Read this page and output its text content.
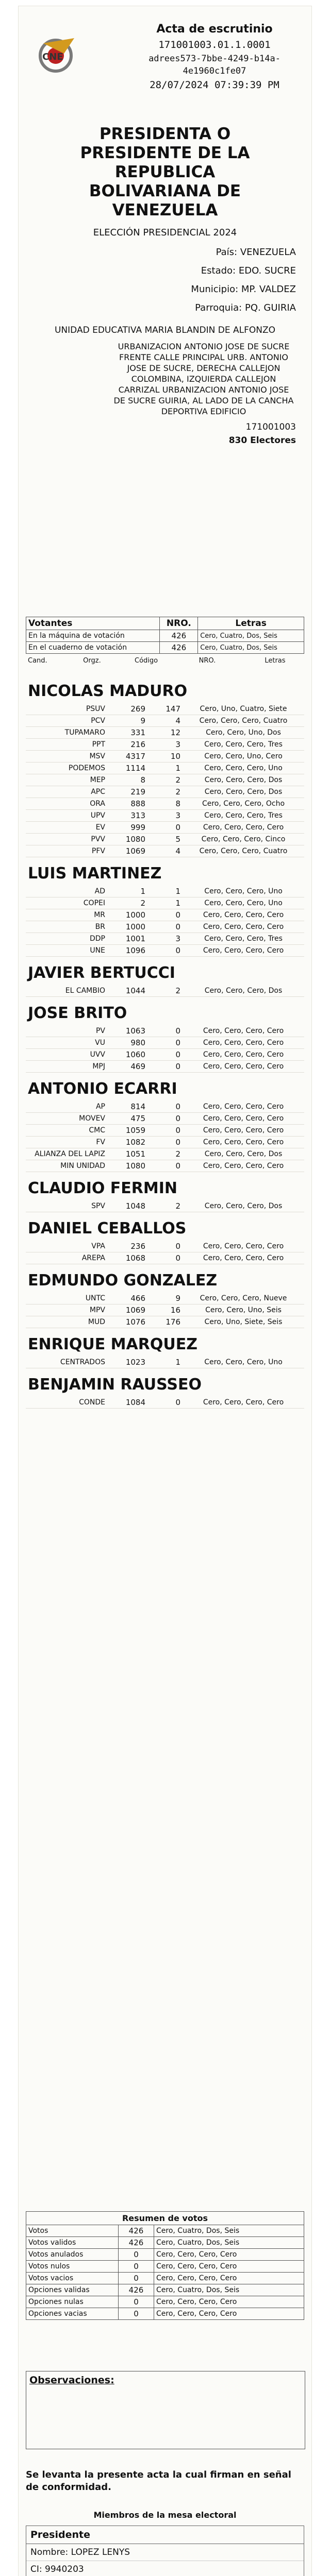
CNE
Acta de escrutinio
171001003.01.1.0001
adrees573-7bbe-4249-b14a-4e1960c1fe07
28/07/2024 07:39:39 PM
PRESIDENTA O
PRESIDENTE DE LA
REPUBLICA
BOLIVARIANA DE
VENEZUELA
ELECCIÓN PRESIDENCIAL 2024
País: VENEZUELA
Estado: EDO. SUCRE
Municipio: MP. VALDEZ
Parroquia: PQ. GUIRIA
UNIDAD EDUCATIVA MARIA BLANDIN DE ALFONZO
URBANIZACION ANTONIO JOSE DE SUCRE FRENTE CALLE PRINCIPAL URB. ANTONIO JOSE DE SUCRE, DERECHA CALLEJON COLOMBINA, IZQUIERDA CALLEJON CARRIZAL URBANIZACION ANTONIO JOSE DE SUCRE GUIRIA, AL LADO DE LA CANCHA DEPORTIVA EDIFICIO
171001003
830 Electores
Votantes	NRO.	Letras
En la máquina de votación	426	Cero, Cuatro, Dos, Seis
En el cuaderno de votación	426	Cero, Cuatro, Dos, Seis
Cand.	Orgz.	Código	NRO.	Letras
NICOLAS MADURO
PSUV	269	147	Cero, Uno, Cuatro, Siete
PCV	9	4	Cero, Cero, Cero, Cuatro
TUPAMARO	331	12	Cero, Cero, Uno, Dos
PPT	216	3	Cero, Cero, Cero, Tres
MSV	4317	10	Cero, Cero, Uno, Cero
PODEMOS	1114	1	Cero, Cero, Cero, Uno
MEP	8	2	Cero, Cero, Cero, Dos
APC	219	2	Cero, Cero, Cero, Dos
ORA	888	8	Cero, Cero, Cero, Ocho
UPV	313	3	Cero, Cero, Cero, Tres
EV	999	0	Cero, Cero, Cero, Cero
PVV	1080	5	Cero, Cero, Cero, Cinco
PFV	1069	4	Cero, Cero, Cero, Cuatro
LUIS MARTINEZ
AD	1	1	Cero, Cero, Cero, Uno
COPEI	2	1	Cero, Cero, Cero, Uno
MR	1000	0	Cero, Cero, Cero, Cero
BR	1000	0	Cero, Cero, Cero, Cero
DDP	1001	3	Cero, Cero, Cero, Tres
UNE	1096	0	Cero, Cero, Cero, Cero
JAVIER BERTUCCI
EL CAMBIO	1044	2	Cero, Cero, Cero, Dos
JOSE BRITO
PV	1063	0	Cero, Cero, Cero, Cero
VU	980	0	Cero, Cero, Cero, Cero
UVV	1060	0	Cero, Cero, Cero, Cero
MPJ	469	0	Cero, Cero, Cero, Cero
ANTONIO ECARRI
AP	814	0	Cero, Cero, Cero, Cero
MOVEV	475	0	Cero, Cero, Cero, Cero
CMC	1059	0	Cero, Cero, Cero, Cero
FV	1082	0	Cero, Cero, Cero, Cero
ALIANZA DEL LAPIZ	1051	2	Cero, Cero, Cero, Dos
MIN UNIDAD	1080	0	Cero, Cero, Cero, Cero
CLAUDIO FERMIN
SPV	1048	2	Cero, Cero, Cero, Dos
DANIEL CEBALLOS
VPA	236	0	Cero, Cero, Cero, Cero
AREPA	1068	0	Cero, Cero, Cero, Cero
EDMUNDO GONZALEZ
UNTC	466	9	Cero, Cero, Cero, Nueve
MPV	1069	16	Cero, Cero, Uno, Seis
MUD	1076	176	Cero, Uno, Siete, Seis
ENRIQUE MARQUEZ
CENTRADOS	1023	1	Cero, Cero, Cero, Uno
BENJAMIN RAUSSEO
CONDE	1084	0	Cero, Cero, Cero, Cero
Resumen de votos
Votos	426	Cero, Cuatro, Dos, Seis
Votos validos	426	Cero, Cuatro, Dos, Seis
Votos anulados	0	Cero, Cero, Cero, Cero
Votos nulos	0	Cero, Cero, Cero, Cero
Votos vacios	0	Cero, Cero, Cero, Cero
Opciones validas	426	Cero, Cuatro, Dos, Seis
Opciones nulas	0	Cero, Cero, Cero, Cero
Opciones vacias	0	Cero, Cero, Cero, Cero
Observaciones:
Se levanta la presente acta la cual firman en señal de conformidad.
Miembros de la mesa electoral
Presidente
Nombre: LOPEZ LENYS
CI: 9940203
